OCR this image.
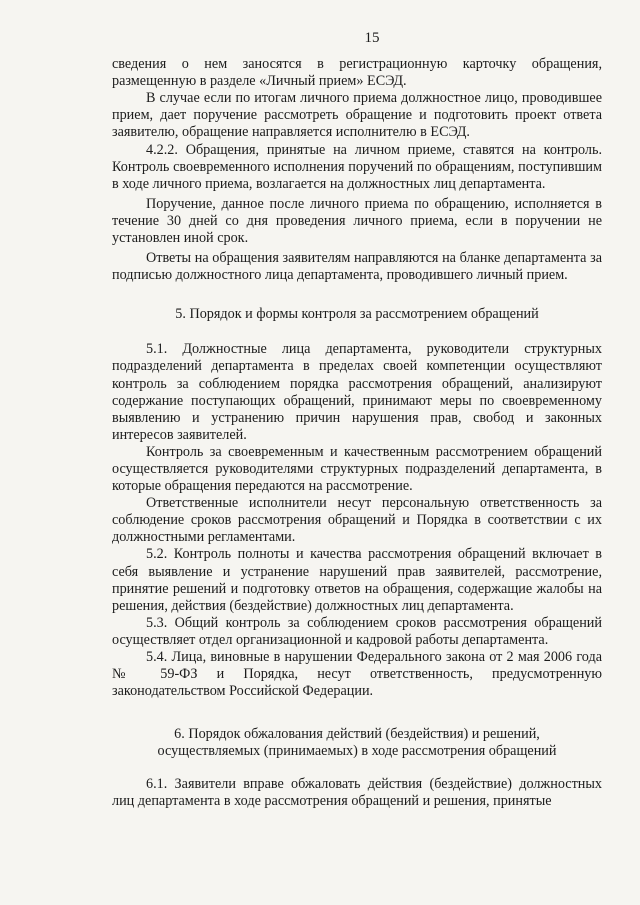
15

сведения о нем заносятся в регистрационную карточку обращения, размещенную в разделе «Личный прием» ЕСЭД.

В случае если по итогам личного приема должностное лицо, проводившее прием, дает поручение рассмотреть обращение и подготовить проект ответа заявителю, обращение направляется исполнителю в ЕСЭД.

4.2.2. Обращения, принятые на личном приеме, ставятся на контроль. Контроль своевременного исполнения поручений по обращениям, поступившим в ходе личного приема, возлагается на должностных лиц департамента.

Поручение, данное после личного приема по обращению, исполняется в течение 30 дней со дня проведения личного приема, если в поручении не установлен иной срок.

Ответы на обращения заявителям направляются на бланке департамента за подписью должностного лица департамента, проводившего личный прием.

5. Порядок и формы контроля за рассмотрением обращений

5.1. Должностные лица департамента, руководители структурных подразделений департамента в пределах своей компетенции осуществляют контроль за соблюдением порядка рассмотрения обращений, анализируют содержание поступающих обращений, принимают меры по своевременному выявлению и устранению причин нарушения прав, свобод и законных интересов заявителей.

Контроль за своевременным и качественным рассмотрением обращений осуществляется руководителями структурных подразделений департамента, в которые обращения передаются на рассмотрение.

Ответственные исполнители несут персональную ответственность за соблюдение сроков рассмотрения обращений и Порядка в соответствии с их должностными регламентами.

5.2. Контроль полноты и качества рассмотрения обращений включает в себя выявление и устранение нарушений прав заявителей, рассмотрение, принятие решений и подготовку ответов на обращения, содержащие жалобы на решения, действия (бездействие) должностных лиц департамента.

5.3. Общий контроль за соблюдением сроков рассмотрения обращений осуществляет отдел организационной и кадровой работы департамента.

5.4. Лица, виновные в нарушении Федерального закона от 2 мая 2006 года № 59-ФЗ и Порядка, несут ответственность, предусмотренную законодательством Российской Федерации.

6. Порядок обжалования действий (бездействия) и решений,
осуществляемых (принимаемых) в ходе рассмотрения обращений

6.1. Заявители вправе обжаловать действия (бездействие) должностных лиц департамента в ходе рассмотрения обращений и решения, принятые
